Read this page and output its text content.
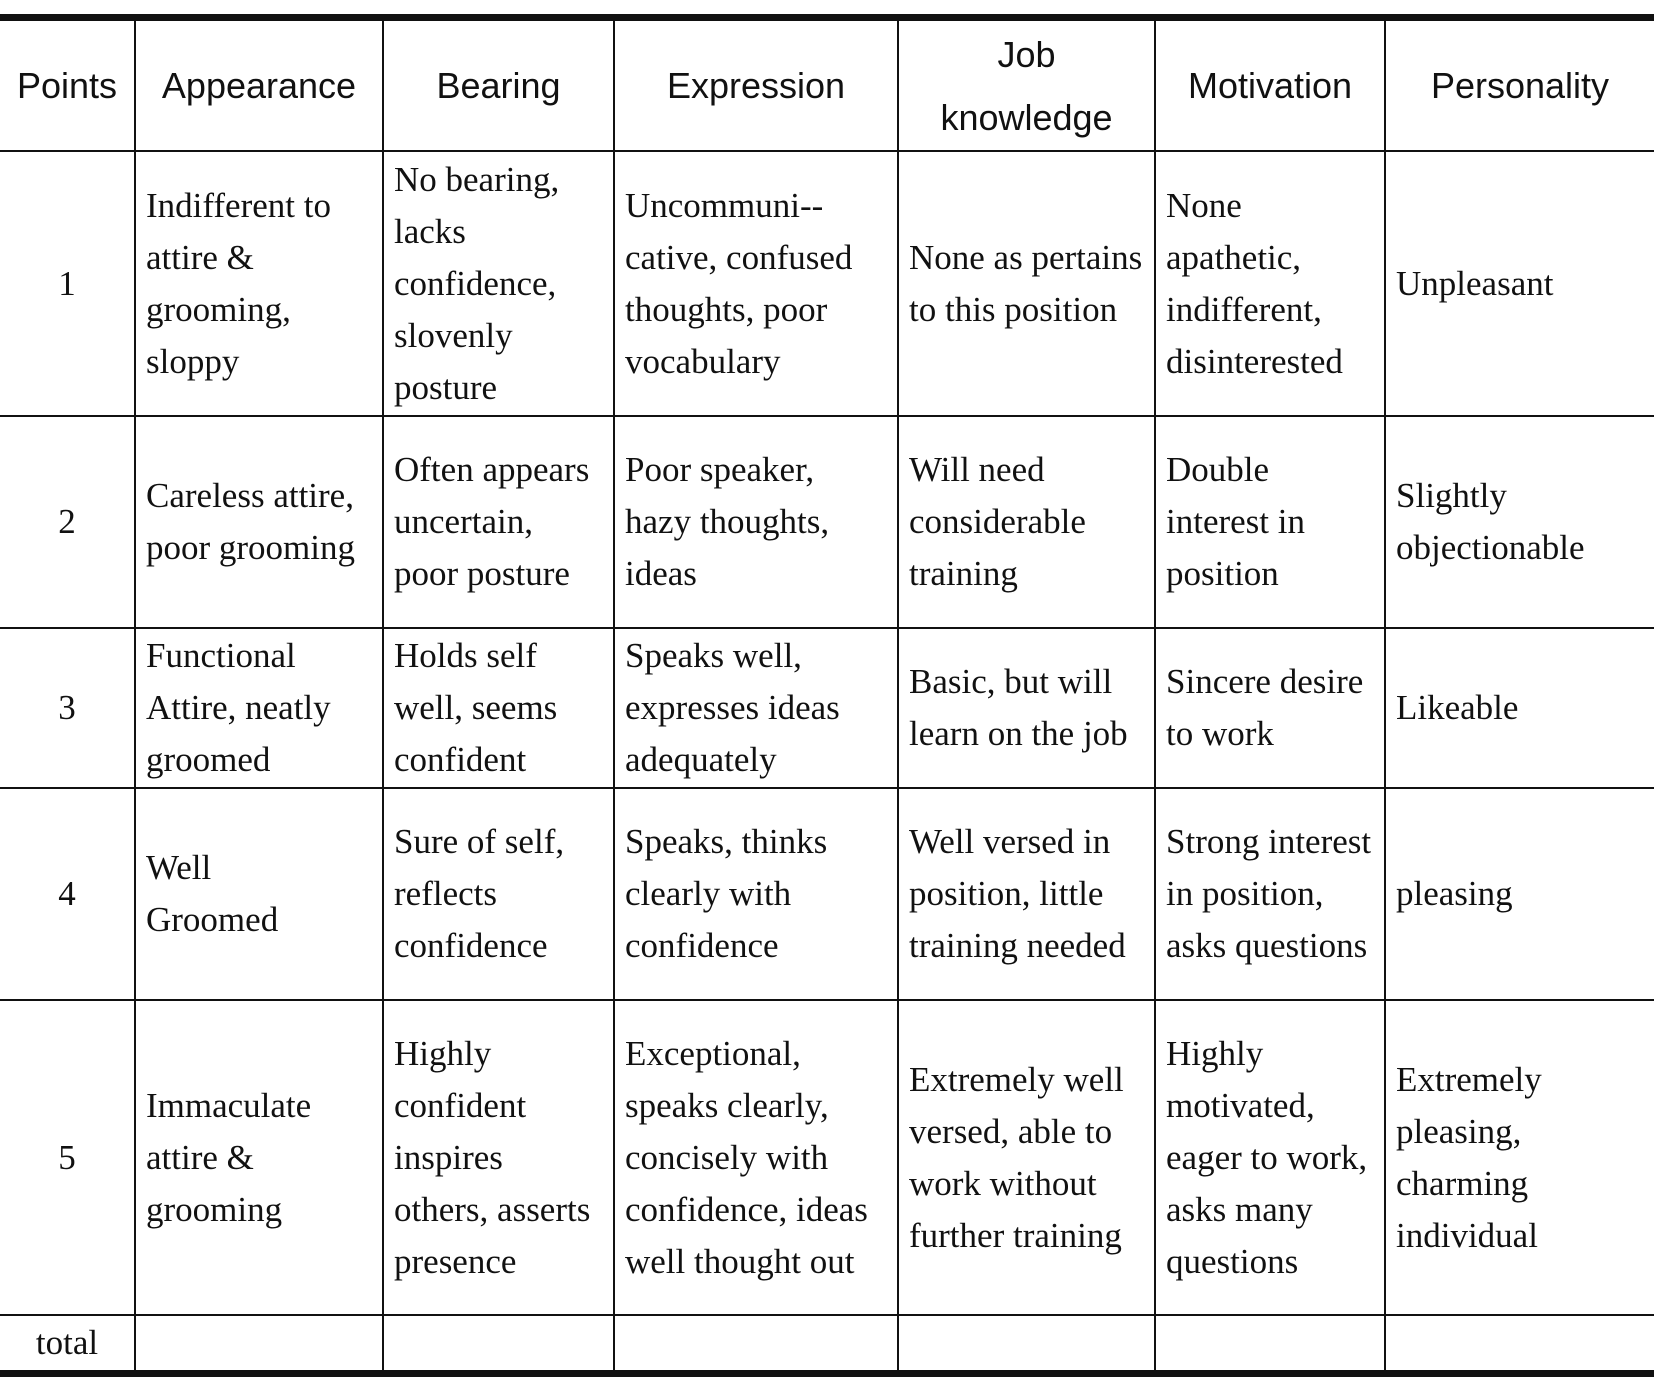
Points	Appearance	Bearing	Expression	Job knowledge	Motivation	Personality
1	Indifferent to attire & grooming, sloppy	No bearing, lacks confidence, slovenly posture	Uncommuni--cative, confused thoughts, poor vocabulary	None as pertains to this position	None apathetic, indifferent, disinterested	Unpleasant
2	Careless attire, poor grooming	Often appears uncertain, poor posture	Poor speaker, hazy thoughts, ideas	Will need considerable training	Double interest in position	Slightly objectionable
3	Functional Attire, neatly groomed	Holds self well, seems confident	Speaks well, expresses ideas adequately	Basic, but will learn on the job	Sincere desire to work	Likeable
4	Well Groomed	Sure of self, reflects confidence	Speaks, thinks clearly with confidence	Well versed in position, little training needed	Strong interest in position, asks questions	pleasing
5	Immaculate attire & grooming	Highly confident inspires others, asserts presence	Exceptional, speaks clearly, concisely with confidence, ideas well thought out	Extremely well versed, able to work without further training	Highly motivated, eager to work, asks many questions	Extremely pleasing, charming individual
total						
